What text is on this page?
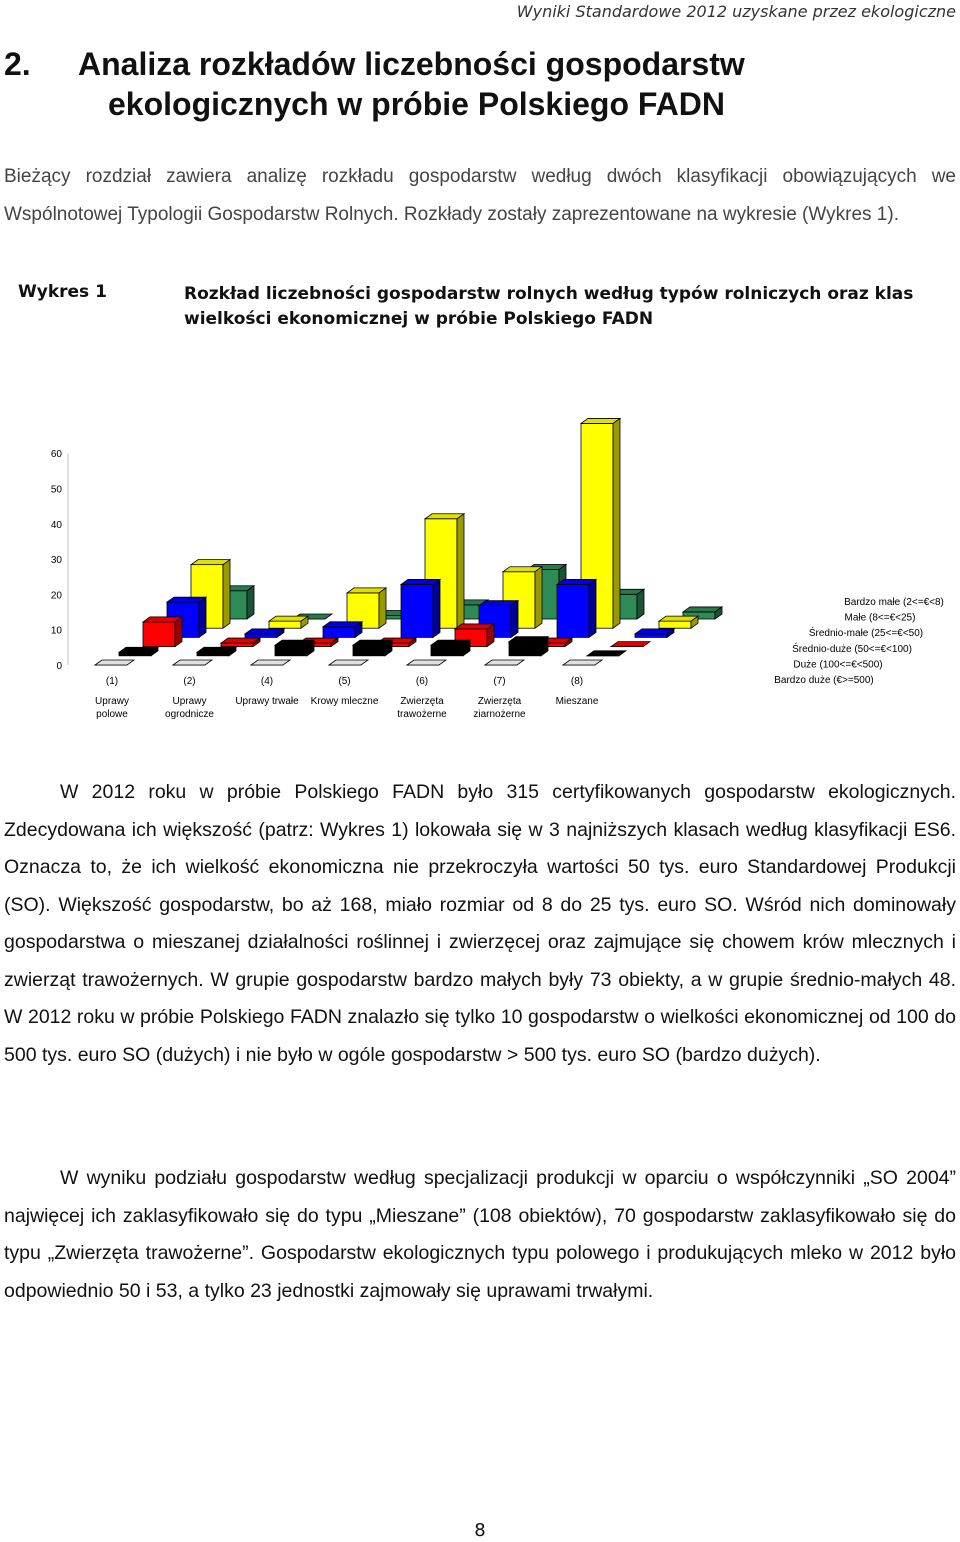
Wyniki Standardowe 2012 uzyskane przez ekologiczne
2. Analiza rozkładów liczebności gospodarstw
ekologicznych w próbie Polskiego FADN
Bieżący rozdział zawiera analizę rozkładu gospodarstw według dwóch klasyfikacji obowiązujących we Wspólnotowej Typologii Gospodarstw Rolnych. Rozkłady zostały zaprezentowane na wykresie (Wykres 1).
Wykres 1	Rozkład liczebności gospodarstw rolnych według typów rolniczych oraz klas wielkości ekonomicznej w próbie Polskiego FADN
0
10
20
30
40
50
60
Bardzo małe (2<=€<8)
Małe (8<=€<25)
Średnio-małe (25<=€<50)
Średnio-duże (50<=€<100)
Duże (100<=€<500)
Bardzo duże (€>=500)
(1)
Uprawy
polowe
(2)
Uprawy
ogrodnicze
(4)
Uprawy trwałe
(5)
Krowy mleczne
(6)
Zwierzęta
trawożerne
(7)
Zwierzęta
ziarnożerne
(8)
Mieszane

W 2012 roku w próbie Polskiego FADN było 315 certyfikowanych gospodarstw ekologicznych. Zdecydowana ich większość (patrz: Wykres 1) lokowała się w 3 najniższych klasach według klasyfikacji ES6. Oznacza to, że ich wielkość ekonomiczna nie przekroczyła wartości 50 tys. euro Standardowej Produkcji (SO). Większość gospodarstw, bo aż 168, miało rozmiar od 8 do 25 tys. euro SO. Wśród nich dominowały gospodarstwa o mieszanej działalności roślinnej i zwierzęcej oraz zajmujące się chowem krów mlecznych i zwierząt trawożernych. W grupie gospodarstw bardzo małych były 73 obiekty, a w grupie średnio-małych 48. W 2012 roku w próbie Polskiego FADN znalazło się tylko 10 gospodarstw o wielkości ekonomicznej od 100 do 500 tys. euro SO (dużych) i nie było w ogóle gospodarstw > 500 tys. euro SO (bardzo dużych).

W wyniku podziału gospodarstw według specjalizacji produkcji w oparciu o współczynniki „SO 2004” najwięcej ich zaklasyfikowało się do typu „Mieszane” (108 obiektów), 70 gospodarstw zaklasyfikowało się do typu „Zwierzęta trawożerne”. Gospodarstw ekologicznych typu polowego i produkujących mleko w 2012 było odpowiednio 50 i 53, a tylko 23 jednostki zajmowały się uprawami trwałymi.

8
